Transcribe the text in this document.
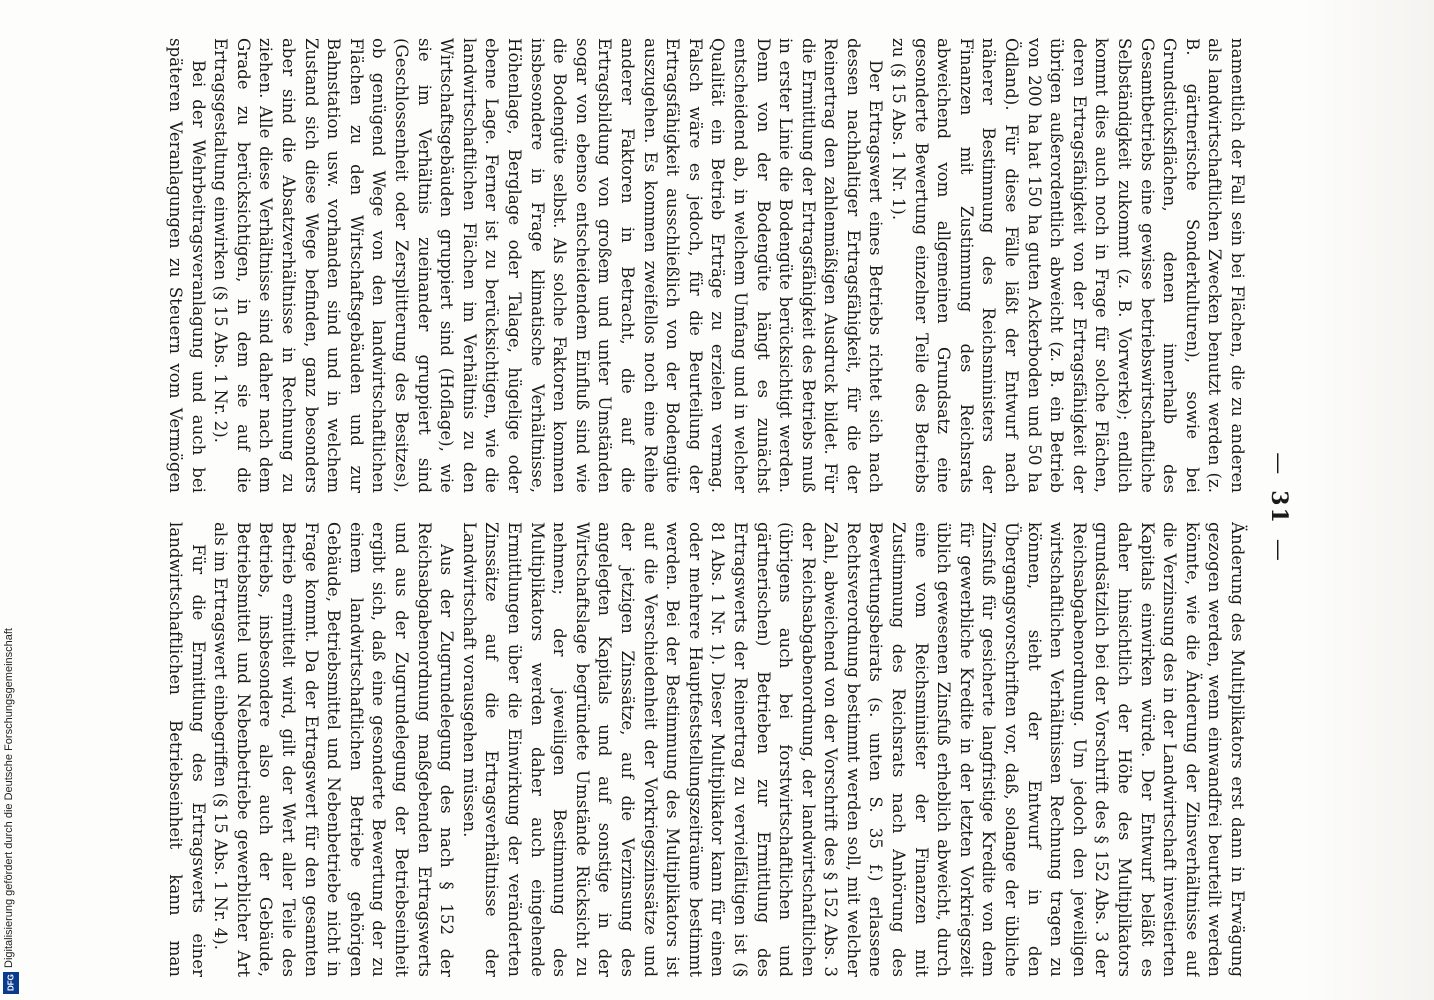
— 31 —

namentlich der Fall sein bei Flächen, die zu anderen als landwirtschaftlichen Zwecken benutzt werden (z. B. gärtnerische Sonderkulturen), sowie bei Grundstücksflächen, denen innerhalb des Gesamtbetriebs eine gewisse betriebswirtschaftliche Selbständigkeit zukommt (z. B. Vorwerke); endlich kommt dies auch noch in Frage für solche Flächen, deren Ertragsfähigkeit von der Ertragsfähigkeit der übrigen außerordentlich abweicht (z. B. ein Betrieb von 200 ha hat 150 ha guten Ackerboden und 50 ha Ödland). Für diese Fälle läßt der Entwurf nach näherer Bestimmung des Reichsministers der Finanzen mit Zustimmung des Reichsrats abweichend vom allgemeinen Grundsatz eine gesonderte Bewertung einzelner Teile des Betriebs zu (§ 15 Abs. 1 Nr. 1).

Der Ertragswert eines Betriebs richtet sich nach dessen nachhaltiger Ertragsfähigkeit, für die der Reinertrag den zahlenmäßigen Ausdruck bildet. Für die Ermittlung der Ertragsfähigkeit des Betriebs muß in erster Linie die Bodengüte berücksichtigt werden. Denn von der Bodengüte hängt es zunächst entscheidend ab, in welchem Umfang und in welcher Qualität ein Betrieb Erträge zu erzielen vermag. Falsch wäre es jedoch, für die Beurteilung der Ertragsfähigkeit ausschließlich von der Bodengüte auszugehen. Es kommen zweifellos noch eine Reihe anderer Faktoren in Betracht, die auf die Ertragsbildung von großem und unter Umständen sogar von ebenso entscheidendem Einfluß sind wie die Bodengüte selbst. Als solche Faktoren kommen insbesondere in Frage klimatische Verhältnisse, Höhenlage, Berglage oder Talage, hügelige oder ebene Lage. Ferner ist zu berücksichtigen, wie die landwirtschaftlichen Flächen im Verhältnis zu den Wirtschaftsgebäuden gruppiert sind (Hoflage), wie sie im Verhältnis zueinander gruppiert sind (Geschlossenheit oder Zersplitterung des Besitzes), ob genügend Wege von den landwirtschaftlichen Flächen zu den Wirtschaftsgebäuden und zur Bahnstation usw. vorhanden sind und in welchem Zustand sich diese Wege befinden, ganz besonders aber sind die Absatzverhältnisse in Rechnung zu ziehen. Alle diese Verhältnisse sind daher nach dem Grade zu berücksichtigen, in dem sie auf die Ertragsgestaltung einwirken (§ 15 Abs. 1 Nr. 2).

Bei der Wehrbeitragsveranlagung und auch bei späteren Veranlagungen zu Steuern vom Vermögen

Änderung des Multiplikators erst dann in Erwägung gezogen werden, wenn einwandfrei beurteilt werden könnte, wie die Änderung der Zinsverhältnisse auf die Verzinsung des in der Landwirtschaft investierten Kapitals einwirken würde. Der Entwurf beläßt es daher hinsichtlich der Höhe des Multiplikators grundsätzlich bei der Vorschrift des § 152 Abs. 3 der Reichsabgabenordnung. Um jedoch den jeweiligen wirtschaftlichen Verhältnissen Rechnung tragen zu können, sieht der Entwurf in den Übergangsvorschriften vor, daß, solange der übliche Zinsfuß für gesicherte langfristige Kredite von dem für gewerbliche Kredite in der letzten Vorkriegszeit üblich gewesenen Zinsfuß erheblich abweicht, durch eine vom Reichsminister der Finanzen mit Zustimmung des Reichsrats nach Anhörung des Bewertungsbeirats (s. unten S. 35 f.) erlassene Rechtsverordnung bestimmt werden soll, mit welcher Zahl, abweichend von der Vorschrift des § 152 Abs. 3 der Reichsabgabenordnung, der landwirtschaftlichen (übrigens auch bei forstwirtschaftlichen und gärtnerischen) Betrieben zur Ermittlung des Ertragswerts der Reinertrag zu vervielfältigen ist (§ 81 Abs. 1 Nr. 1). Dieser Multiplikator kann für einen oder mehrere Hauptfeststellungszeiträume bestimmt werden. Bei der Bestimmung des Multiplikators ist auf die Verschiedenheit der Vorkriegszinssätze und der jetzigen Zinssätze, auf die Verzinsung des angelegten Kapitals und auf sonstige in der Wirtschaftslage begründete Umstände Rücksicht zu nehmen; der jeweiligen Bestimmung des Multiplikators werden daher auch eingehende Ermittlungen über die Einwirkung der veränderten Zinssätze auf die Ertragsverhältnisse der Landwirtschaft vorausgehen müssen.

Aus der Zugrundelegung des nach § 152 der Reichsabgabenordnung maßgebenden Ertragswerts und aus der Zugrundelegung der Betriebseinheit ergibt sich, daß eine gesonderte Bewertung der zu einem landwirtschaftlichen Betriebe gehörigen Gebäude, Betriebsmittel und Nebenbetriebe nicht in Frage kommt. Da der Ertragswert für den gesamten Betrieb ermittelt wird, gilt der Wert aller Teile des Betriebs, insbesondere also auch der Gebäude, Betriebsmittel und Nebenbetriebe gewerblicher Art als im Ertragswert einbegriffen (§ 15 Abs. 1 Nr. 4).

Für die Ermittlung des Ertragswerts einer landwirtschaftlichen Betriebseinheit kann man

Digitalisierung gefördert durch die Deutsche Forschungsgemeinschaft
DFG
